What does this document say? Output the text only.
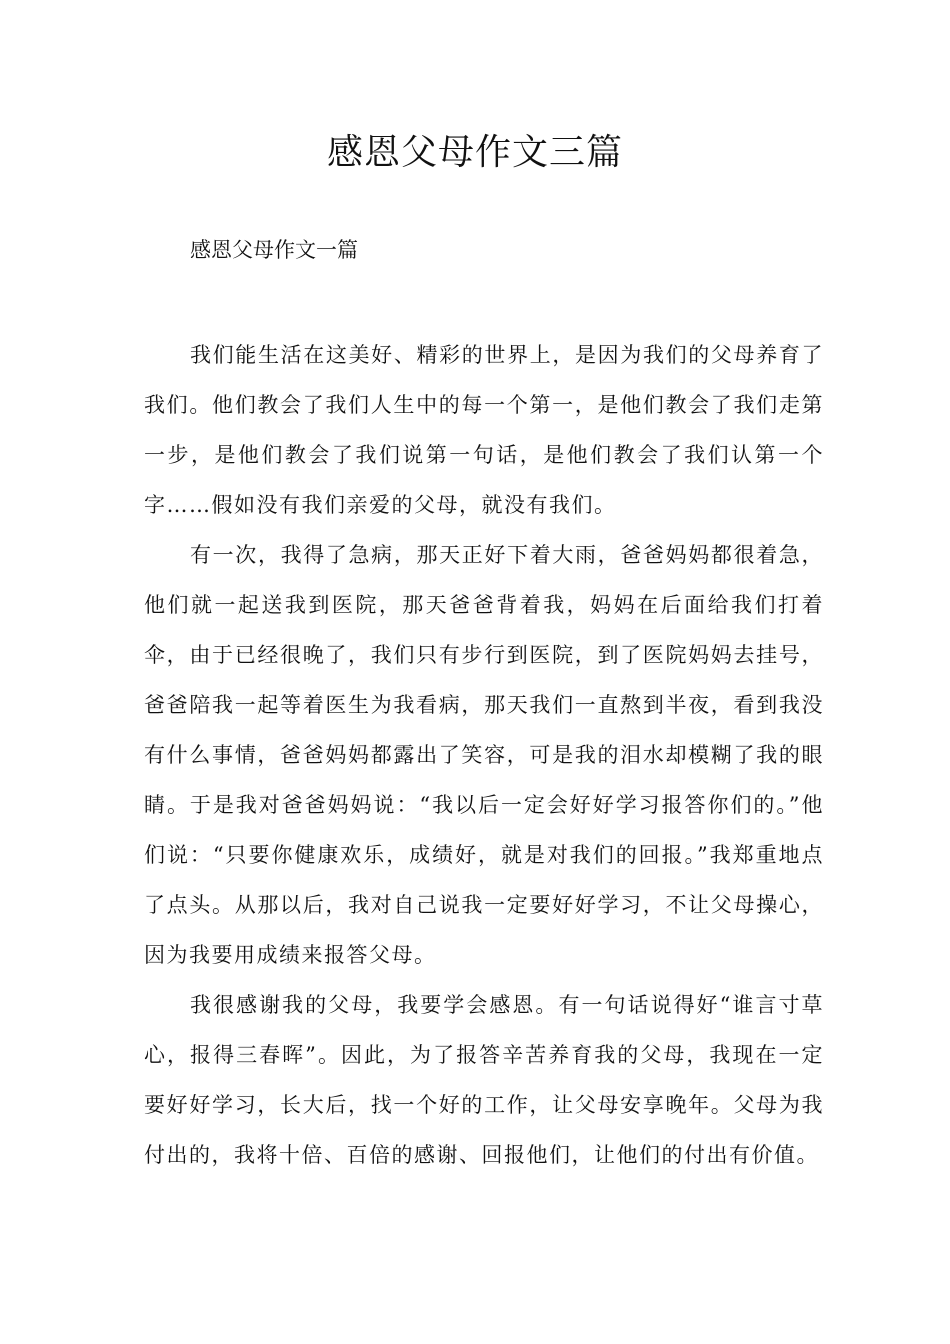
感恩父母作文三篇

感恩父母作文一篇

我们能生活在这美好、精彩的世界上，是因为我们的父母养育了我们。他们教会了我们人生中的每一个第一，是他们教会了我们走第一步，是他们教会了我们说第一句话，是他们教会了我们认第一个字……假如没有我们亲爱的父母，就没有我们。

有一次，我得了急病，那天正好下着大雨，爸爸妈妈都很着急，他们就一起送我到医院，那天爸爸背着我，妈妈在后面给我们打着伞，由于已经很晚了，我们只有步行到医院，到了医院妈妈去挂号，爸爸陪我一起等着医生为我看病，那天我们一直熬到半夜，看到我没有什么事情，爸爸妈妈都露出了笑容，可是我的泪水却模糊了我的眼睛。于是我对爸爸妈妈说：“我以后一定会好好学习报答你们的。”他们说：“只要你健康欢乐，成绩好，就是对我们的回报。”我郑重地点了点头。从那以后，我对自己说我一定要好好学习，不让父母操心，因为我要用成绩来报答父母。

我很感谢我的父母，我要学会感恩。有一句话说得好“谁言寸草心，报得三春晖”。因此，为了报答辛苦养育我的父母，我现在一定要好好学习，长大后，找一个好的工作，让父母安享晚年。父母为我付出的，我将十倍、百倍的感谢、回报他们，让他们的付出有价值。
